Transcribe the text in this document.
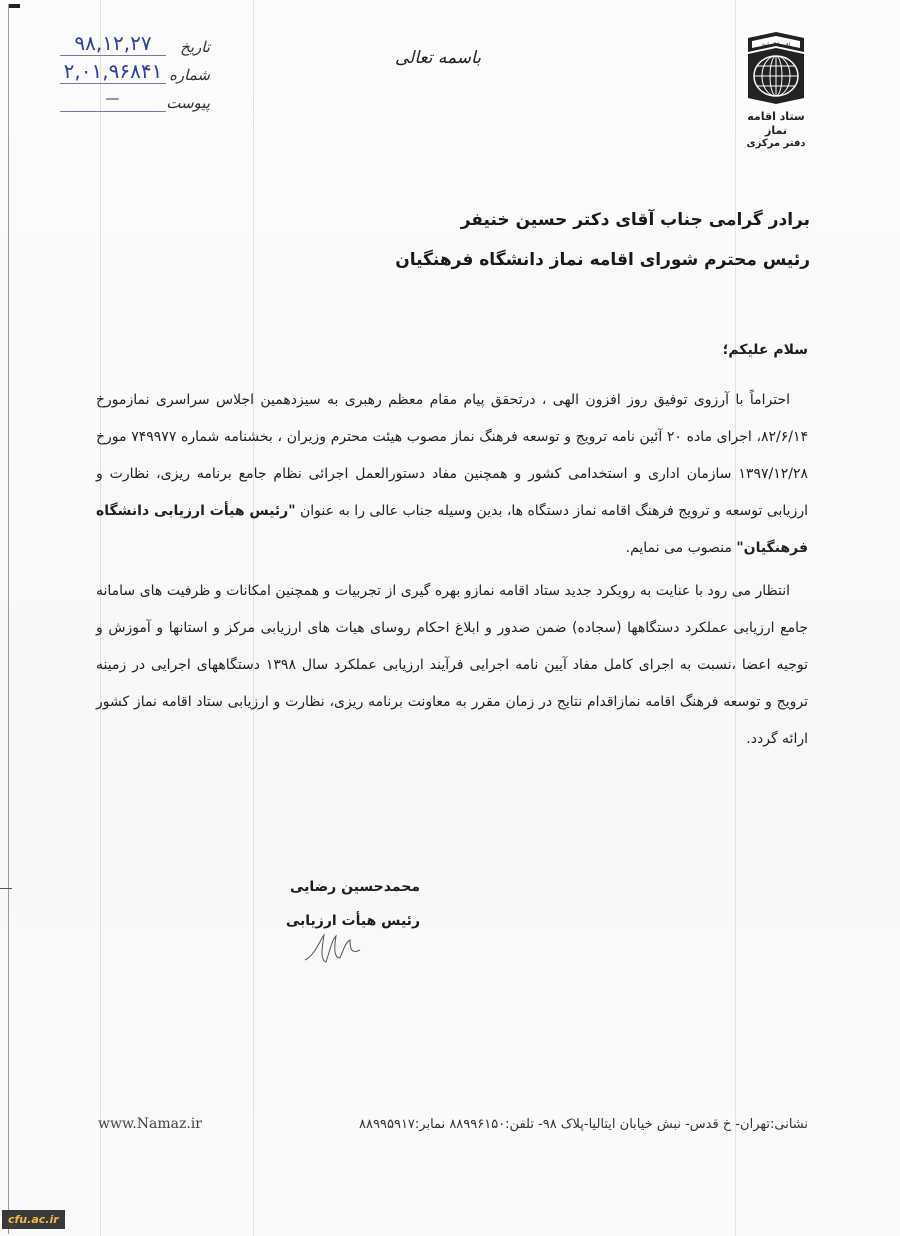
تاریخ
۹۸,۱۲,۲۷
شماره
۲,۰۱,۹۶۸۴۱
پیوست
—
باسمه تعالی
اقیموا الصلوة
ستاد اقامه نماز
دفتر مرکزی
برادر گرامی جناب آقای دکتر حسین خنیفر
رئیس محترم شورای اقامه نماز دانشگاه فرهنگیان
سلام علیکم؛

احتراماً با آرزوی توفیق روز افزون الهی ، درتحقق پیام مقام معظم رهبری به سیزدهمین اجلاس سراسری نمازمورخ ۸۲/۶/۱۴، اجرای ماده ۲۰ آئین نامه ترویج و توسعه فرهنگ نماز مصوب هیئت محترم وزیران ، بخشنامه شماره ۷۴۹۹۷۷ مورخ ۱۳۹۷/۱۲/۲۸ سازمان اداری و استخدامی کشور و همچنین مفاد دستورالعمل اجرائی نظام جامع برنامه ریزی، نظارت و ارزیابی توسعه و ترویج فرهنگ اقامه نماز دستگاه ها، بدین وسیله جناب عالی را به عنوان "رئیس هیأت ارزیابی دانشگاه فرهنگیان" منصوب می نمایم.

انتظار می رود با عنایت به رویکرد جدید ستاد اقامه نمازو بهره گیری از تجربیات و همچنین امکانات و ظرفیت های سامانه جامع ارزیابی عملکرد دستگاهها (سجاده) ضمن صدور و ابلاغ احکام روسای هیات های ارزیابی مرکز و استانها و آموزش و توجیه اعضا ،نسبت به اجرای کامل مفاد آیین نامه اجرایی فرآیند ارزیابی عملکرد سال ۱۳۹۸ دستگاههای اجرایی در زمینه ترویج و توسعه فرهنگ اقامه نمازاقدام نتایج در زمان مقرر به معاونت برنامه ریزی، نظارت و ارزیابی ستاد اقامه نماز کشور ارائه گردد.

محمدحسین رضایی
رئیس هیأت ارزیابی
www.Namaz.ir	نشانی:تهران- خ قدس- نبش خیابان ایتالیا-پلاک ۹۸- تلفن:۸۸۹۹۶۱۵۰ نمابر:۸۸۹۹۵۹۱۷
cfu.ac.ir
